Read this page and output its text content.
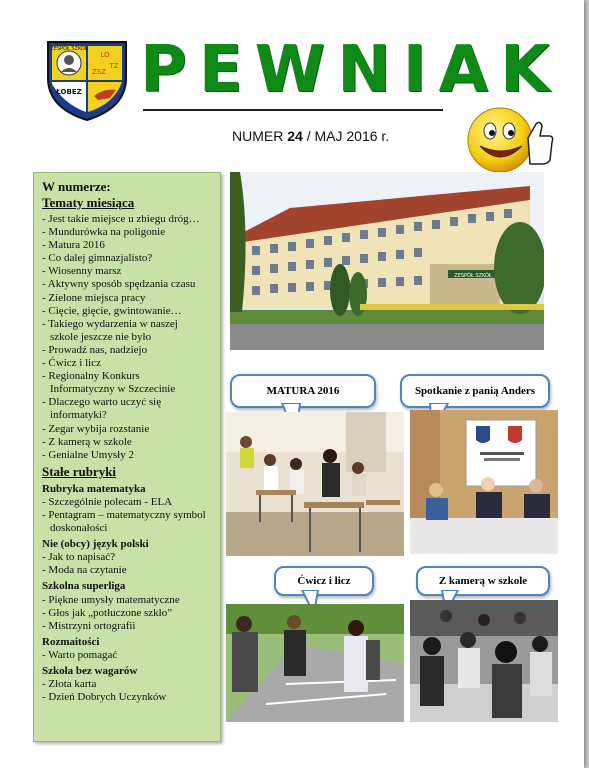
ZESPÓŁ SZKÓŁ
LO
TZ
ZSZ
ŁOBEZ PEWNIAK
NUMER 24 / MAJ 2016 r.
W numerze:
Tematy miesiąca
- Jest takie miejsce u zbiegu dróg…
- Mundurówka na poligonie
- Matura 2016
- Co dalej gimnazjalisto?
- Wiosenny marsz
- Aktywny sposób spędzania czasu
- Zielone miejsca pracy
- Cięcie, gięcie, gwintowanie…
- Takiego wydarzenia w naszej
szkole jeszcze nie było
- Prowadź nas, nadziejo
- Ćwicz i licz
- Regionalny Konkurs
Informatyczny w Szczecinie
- Dlaczego warto uczyć się
informatyki?
- Zegar wybija rozstanie
- Z kamerą w szkole
- Genialne Umysły 2
Stałe rubryki
Rubryka matematyka
- Szczególnie polecam - ELA
- Pentagram – matematyczny symbol
doskonałości
Nie (obcy) język polski
- Jak to napisać?
- Moda na czytanie
Szkolna superliga
- Piękne umysły matematyczne
- Głos jak „potłuczone szkło”
- Mistrzyni ortografii
Rozmaitości
- Warto pomagać
Szkoła bez wagarów
- Złota karta
- Dzień Dobrych Uczynków
ZESPÓŁ SZKÓŁ
MATURA 2016	Spotkanie z panią Anders
Ćwicz i licz	Z kamerą w szkole
